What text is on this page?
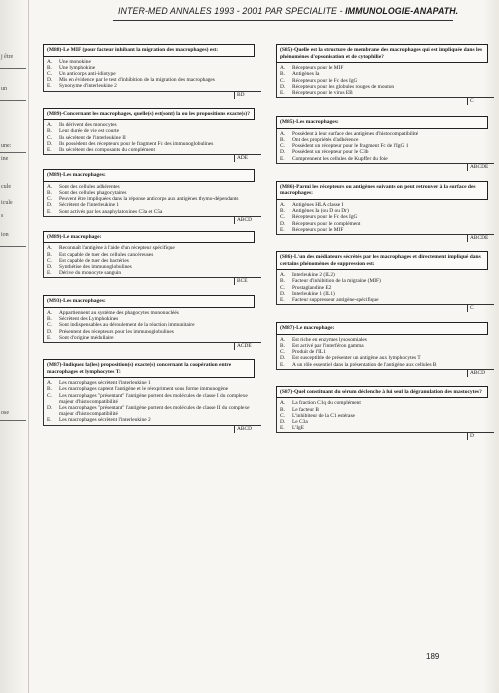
INTER-MED ANNALES 1993 - 2001 PAR SPECIALITE - IMMUNOLOGIE-ANAPATH.
(M88)-Le MIF (pour facteur inhibant la migration des macrophages) est:
A.	Une monokine
B.	Une lymphokine
C.	Un anticorps anti-idiotype
D.	Mis en évidence par le test d'inhibition de la migration des macrophages
E.	Synonyme d'interleukine 2
BD
(M89)-Concernant les macrophages, quelle(s) est(sont) la ou les propositions exacte(s)?
A.	Ils dérivent des monocytes
B.	Leur durée de vie est courte
C.	Ils sécrètent de l'interleukine II
D.	Ils possèdent des récepteurs pour le fragment Fc des immunoglobulines
E.	Ils sécrètent des composants du complément
ADE
(M89)-Les macrophages:
A.	Sont des cellules adhérentes
B.	Sont des cellules phagocytaires
C.	Peuvent être impliquées dans la réponse anticorps aux antigènes thymo-dépendants
D.	Sécrètent de l'interleukine 1
E.	Sont activés par les anaphylatoxines C3a et C5a
ABCD
(M89)-Le macrophage:
A.	Reconnaît l'antigène à l'aide d'un récepteur spécifique
B.	Est capable de tuer des cellules cancéreuses
C.	Est capable de tuer des bactéries
D.	Synthétise des immunoglobulines
E.	Dérive du monocyte sanguin
BCE
(M93)-Les macrophages:
A.	Appartiennent au système des phagocytes mononucléés
B.	Sécrètent des Lymphokines
C.	Sont indispensables au déroulement de la réaction immunitaire
D.	Présentent des récepteurs pour les immunoglobulines
E.	Sont d'origine médullaire
ACDE
(M87)-Indiquez la(les) proposition(s) exacte(s) concernant la coopération entre macrophages et lymphocytes T:
A.	Les macrophages sécrètent l'interleukine 1
B.	Les macrophages captent l'antigène et le réexpriment sous forme immunogène
C.	Les macrophages "présentant" l'antigène portent des molécules de classe I du complexe majeur d'histocompatibilité
D.	Les macrophages "présentant" l'antigène portent des molécules de classe II du complexe majeur d'histocompatibilité
E.	Les macrophages sécrètent l'interleukine 2
ABCD
(S85)-Quelle est la structure de membrane des macrophages qui est impliquée dans les phénomènes d'opsonisation et de cytophilie?
A.	Récepteurs pour le MIF
B.	Antigènes Ia
C.	Récepteurs pour le Fc des IgG
D.	Récepteurs pour les globules rouges de mouton
E.	Récepteurs pour le virus EB
C
(M85)-Les macrophages:
A.	Possèdent à leur surface des antigènes d'histocompatibilité
B.	Ont des propriétés d'adhérence
C.	Possèdent un récepteur pour le fragment Fc de l'IgG 1
D.	Possèdent un récepteur pour le C3b
E.	Comprennent les cellules de Kupffer du foie
ABCDE
(M86)-Parmi les récepteurs ou antigènes suivants on peut retrouver à la surface des macrophages:
A.	Antigènes HLA classe I
B.	Antigènes Ia (ou D ou Dr)
C.	Récepteurs pour le Fc des IgG
D.	Récepteurs pour le complément
E.	Récepteurs pour le MIF
ABCDE
(S86)-L'un des médiateurs sécrétés par les macrophages et directement impliqué dans certains phénomènes de suppression est:
A.	Interleukine 2 (IL2)
B.	Facteur d'inhibition de la migraine (MIF)
C.	Prostaglandine E2
D.	Interleukine 1 (IL1)
E.	Facteur suppresseur antigène-spécifique
C
(M87)-Le macrophage:
A.	Est riche en enzymes lysosomiales
B.	Est activé par l'interféron gamma
C.	Produit de l'IL1
D.	Est susceptible de présenter un antigène aux lymphocytes T
E.	A un rôle essentiel dans la présentation de l'antigène aux cellules B
ABCD
(S87)-Quel constituant du sérum déclenche à lui seul la dégranulation des mastocytes?
A.	La fraction C1q du complément
B.	Le facteur B
C.	L'inhibiteur de la C1 estérase
D.	Le C3a
E.	L'IgE
D
189
j être
un
une:
ine
cule
icule
s
ion
ose
